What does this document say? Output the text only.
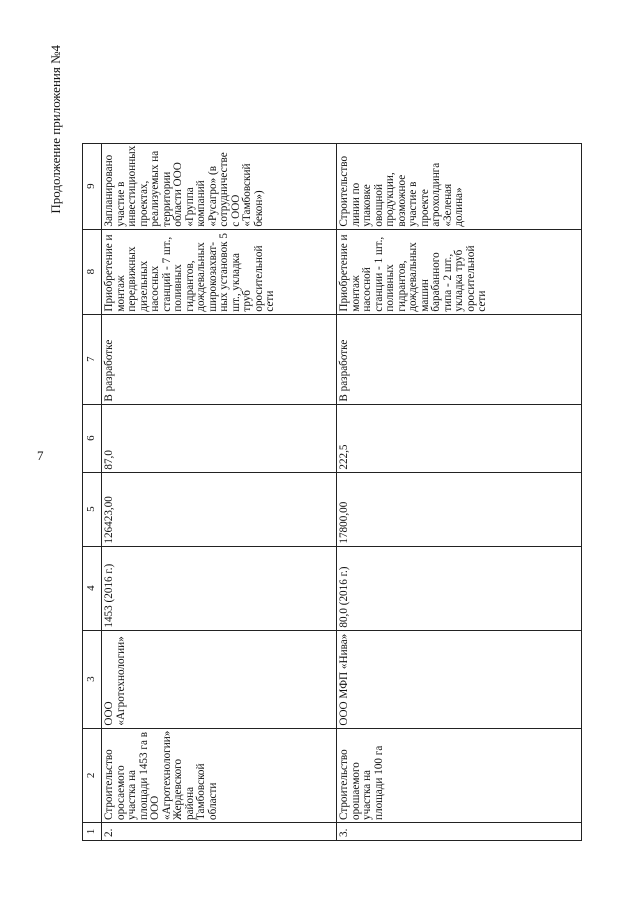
7
Продолжение приложения №4
1	2	3	4	5	6	7	8	9
2.	Строительство оросаемого участка на площади 1453 га в ООО «Агротехнологии» Жердевского района Тамбовской области	ООО «Агротехнологии»	1453 (2016 г.)	126423,00	87,0	В разработке	Приобретение и монтаж передвижных дизельных насосных станций - 7 шт., поливных гидрантов, дождевальных широкозахват-ных установок 5 шт., укладка труб оросительной сети	Запланировано участие в инвестиционных проектах, реализуемых на территории области ООО «Группа компаний «Русагро» (в сотрудничестве с ООО «Тамбовский бекон»)
3.	Строительство орошаемого участка на площади 100 га	ООО МФП «Нива»	80,0 (2016 г.)	17800,00	222,5	В разработке	Приобретение и монтаж насосной станции - 1 шт., поливных гидрантов, дождевальных машин барабанного типа - 2 шт., укладка труб оросительной сети	Строительство линии по упаковке овощной продукции, возможное участие в проекте агрохолдинга «Зеленая долина»
